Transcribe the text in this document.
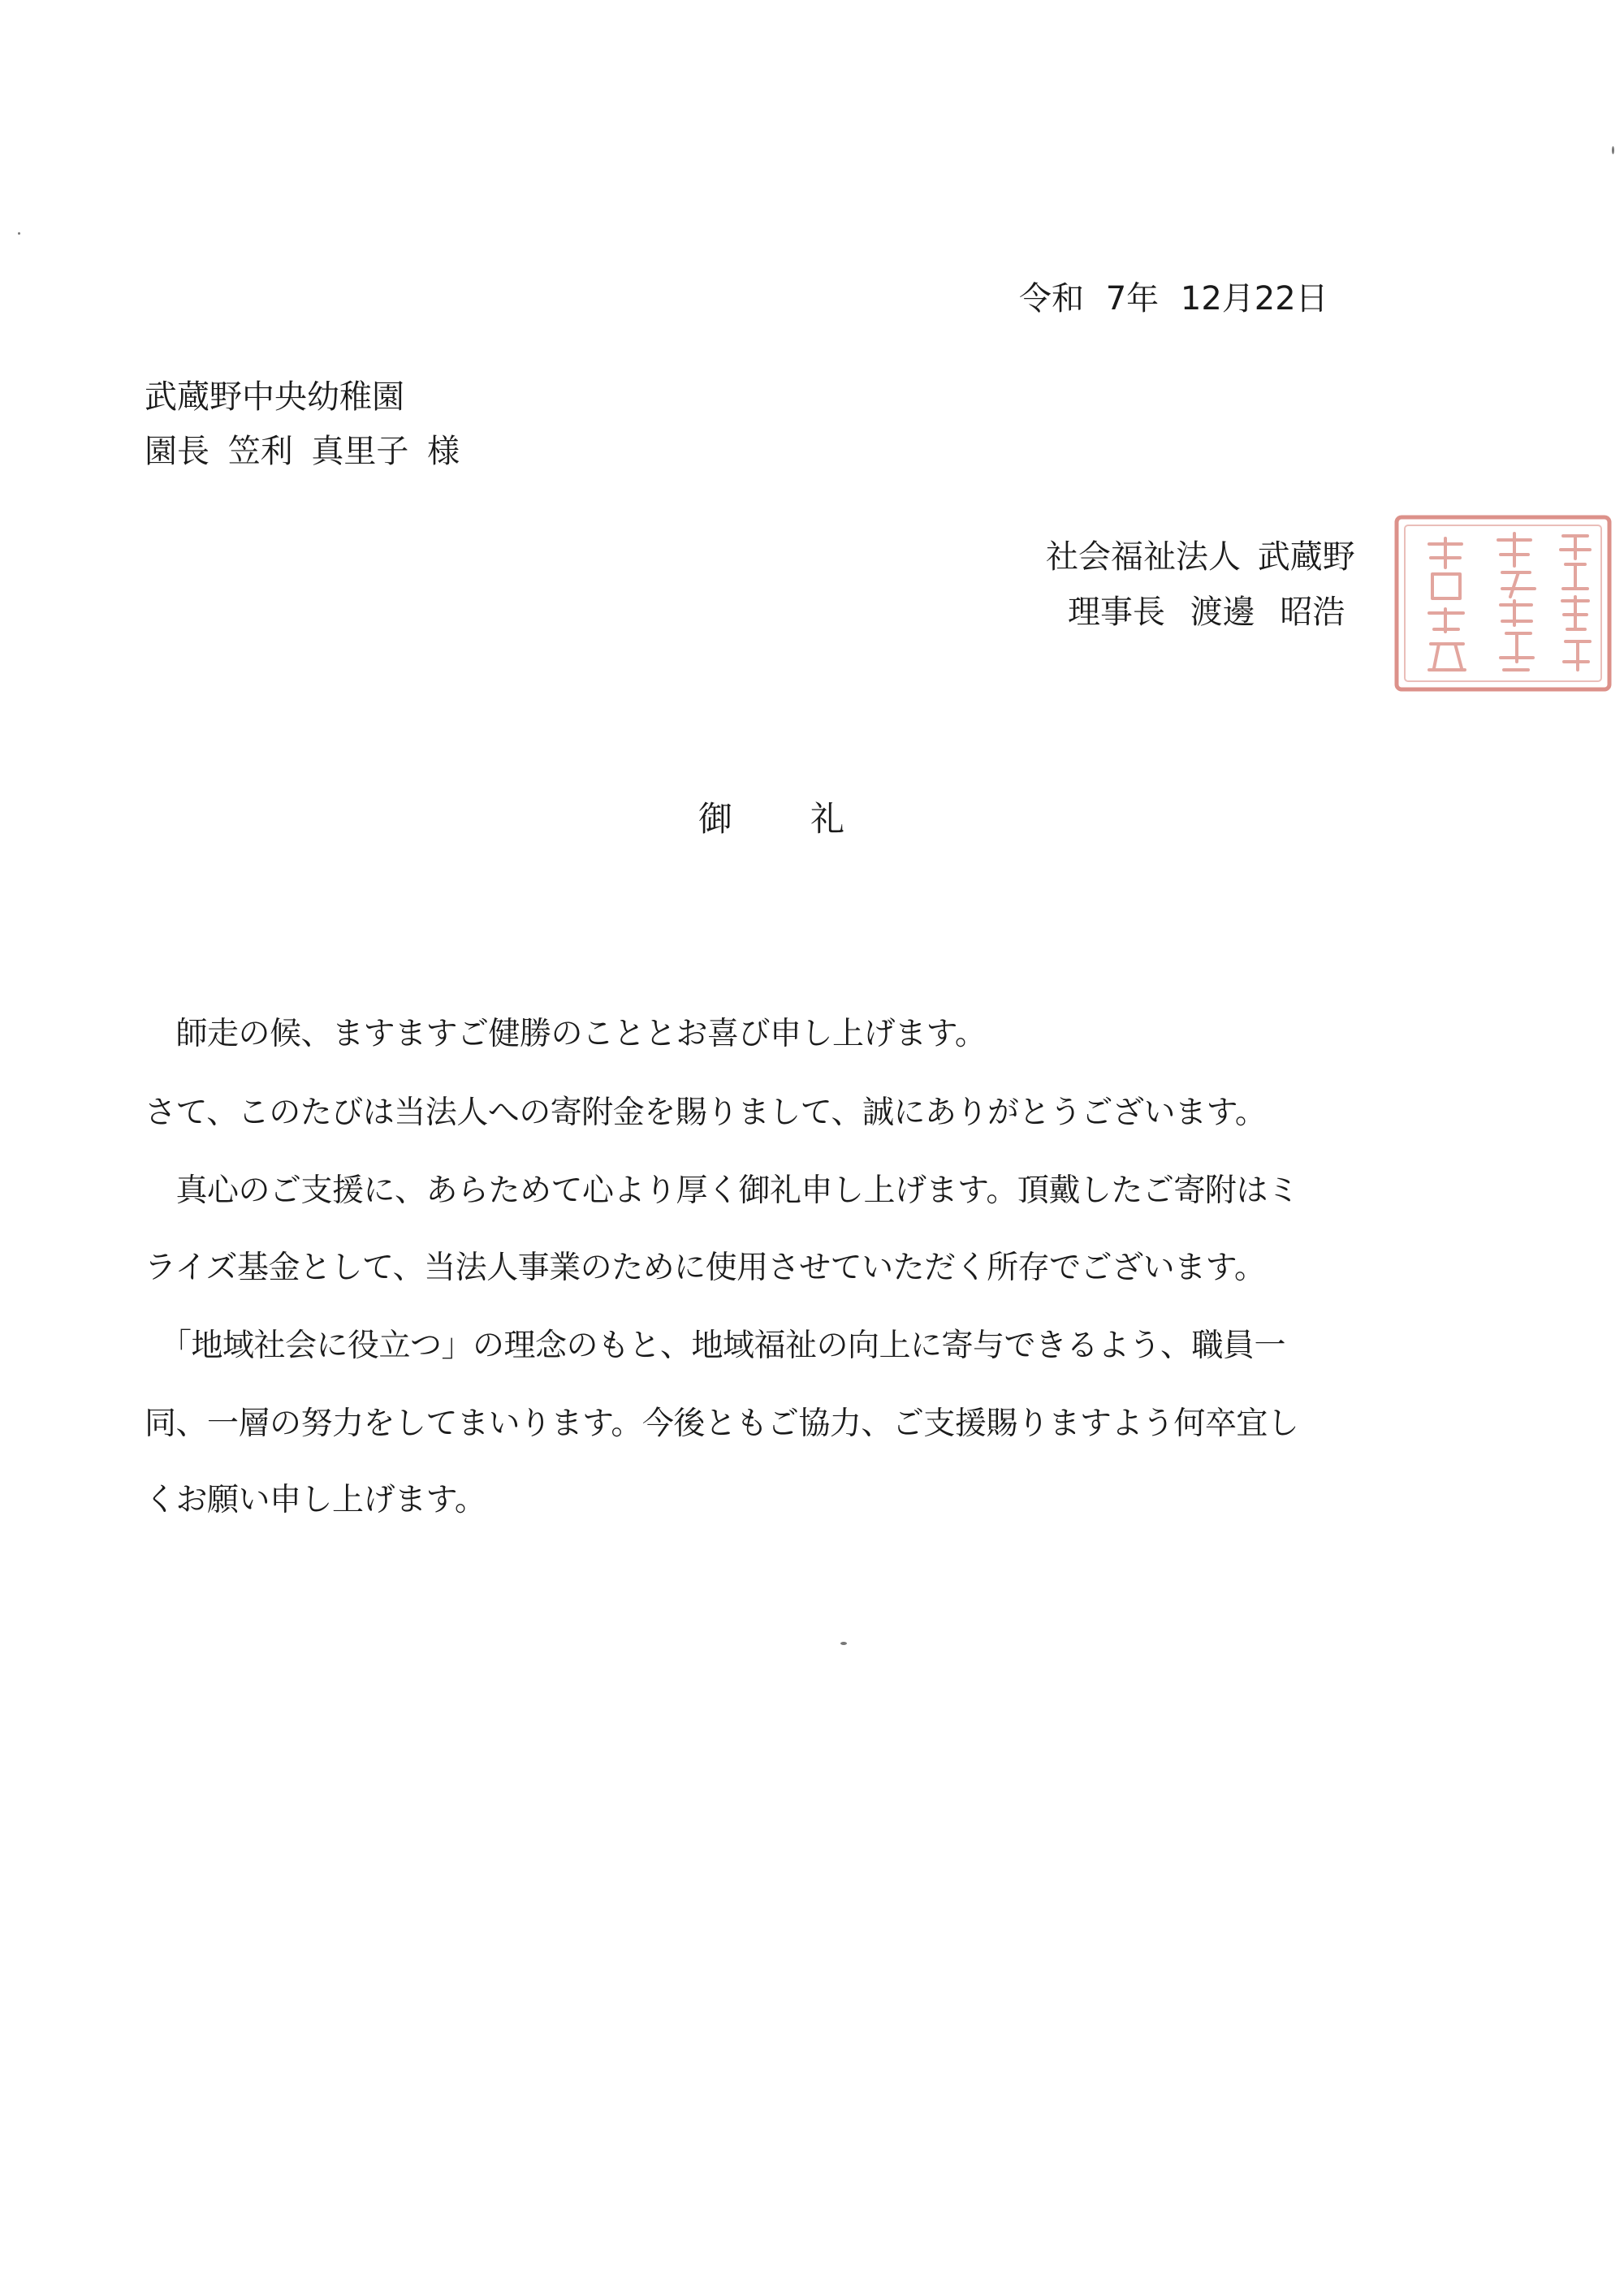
令和 7年 12月22日
武蔵野中央幼稚園
園長 笠利 真里子 様
社会福祉法人 武蔵野
理事長 渡邊 昭浩
御礼
　師走の候、ますますご健勝のこととお喜び申し上げます。
さて、このたびは当法人への寄附金を賜りまして、誠にありがとうございます。
　真心のご支援に、あらためて心より厚く御礼申し上げます。頂戴したご寄附はミ
ライズ基金として、当法人事業のために使用させていただく所存でございます。
　「地域社会に役立つ」の理念のもと、地域福祉の向上に寄与できるよう、職員一
同、一層の努力をしてまいります。今後ともご協力、ご支援賜りますよう何卒宜し
くお願い申し上げます。
